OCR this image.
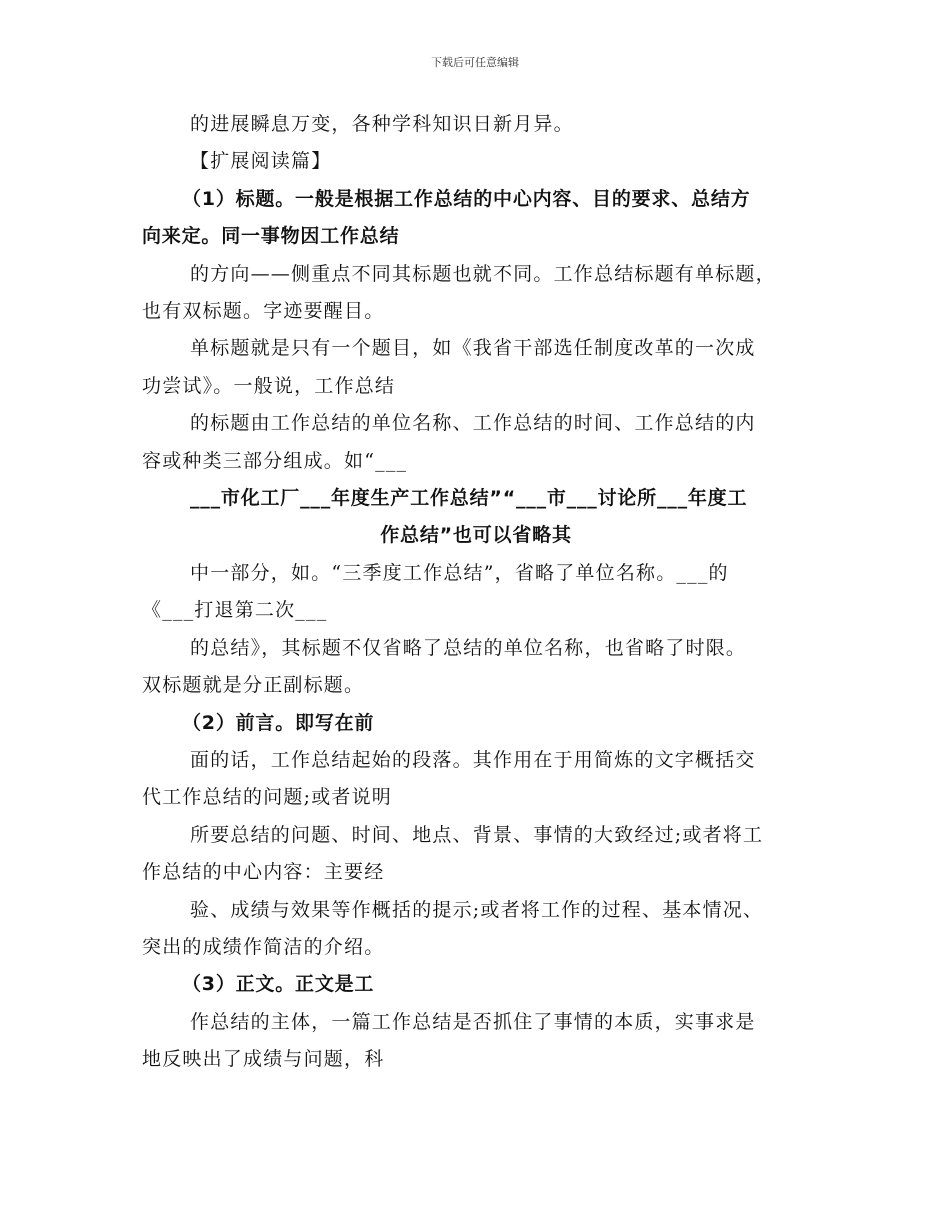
下载后可任意编辑

的进展瞬息万变，各种学科知识日新月异。

【扩展阅读篇】

（1）标题。一般是根据工作总结的中心内容、目的要求、总结方

向来定。同一事物因工作总结

的方向——侧重点不同其标题也就不同。工作总结标题有单标题，

也有双标题。字迹要醒目。

单标题就是只有一个题目，如《我省干部选任制度改革的一次成

功尝试》。一般说，工作总结

的标题由工作总结的单位名称、工作总结的时间、工作总结的内

容或种类三部分组成。如“___

___市化工厂___年度生产工作总结”“___市___讨论所___年度工

作总结”也可以省略其

中一部分，如。“三季度工作总结”，省略了单位名称。___的

《___打退第二次___

的总结》，其标题不仅省略了总结的单位名称，也省略了时限。

双标题就是分正副标题。

（2）前言。即写在前

面的话，工作总结起始的段落。其作用在于用简炼的文字概括交

代工作总结的问题;或者说明

所要总结的问题、时间、地点、背景、事情的大致经过;或者将工

作总结的中心内容：主要经

验、成绩与效果等作概括的提示;或者将工作的过程、基本情况、

突出的成绩作简洁的介绍。

（3）正文。正文是工

作总结的主体，一篇工作总结是否抓住了事情的本质，实事求是

地反映出了成绩与问题，科
